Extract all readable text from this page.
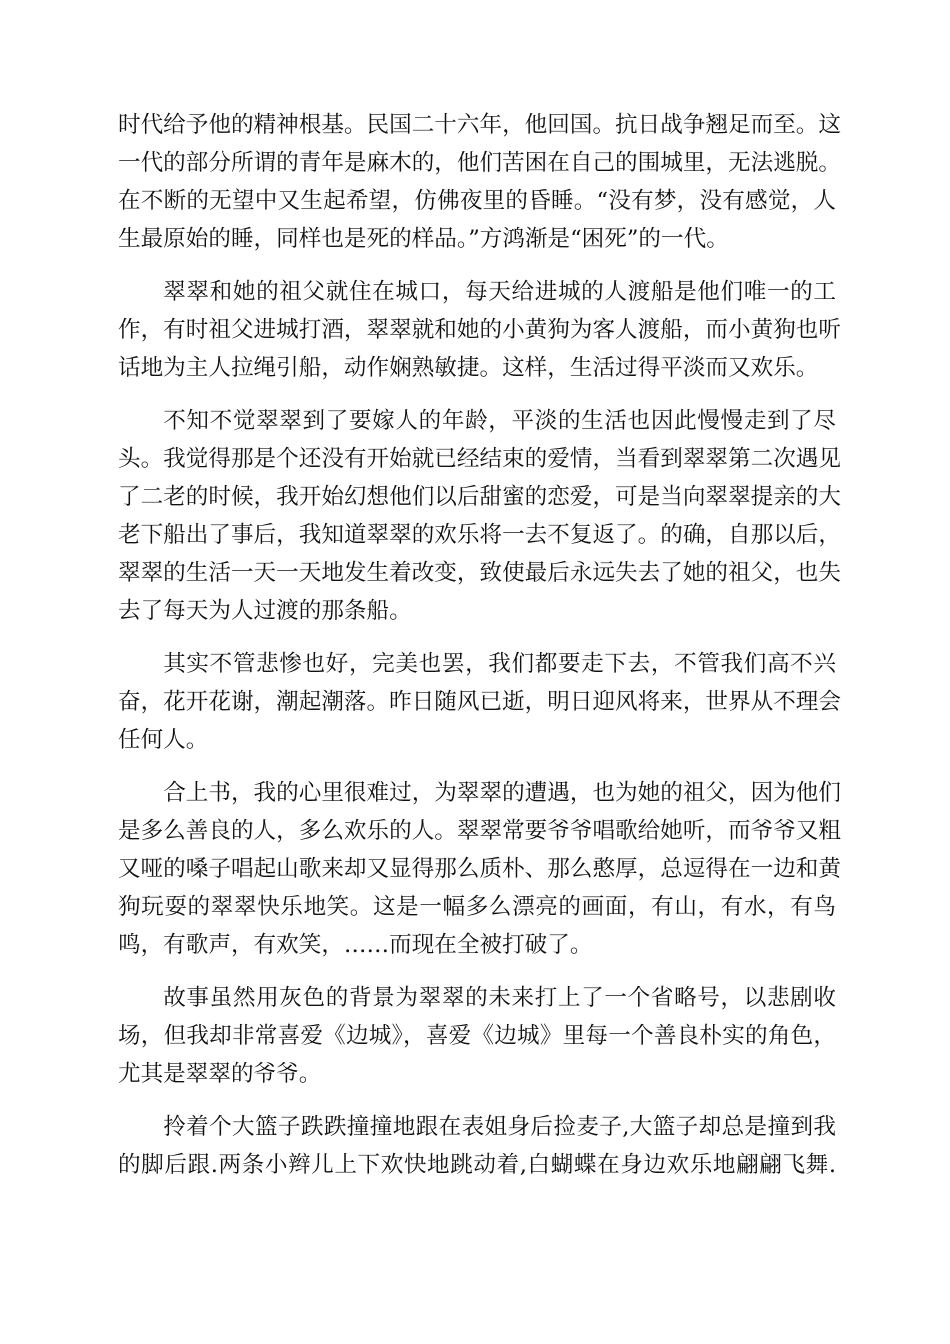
时代给予他的精神根基。民国二十六年，他回国。抗日战争翘足而至。这
一代的部分所谓的青年是麻木的，他们苦困在自己的围城里，无法逃脱。
在不断的无望中又生起希望，仿佛夜里的昏睡。“没有梦，没有感觉，人
生最原始的睡，同样也是死的样品。”方鸿渐是“困死”的一代。

翠翠和她的祖父就住在城口，每天给进城的人渡船是他们唯一的工
作，有时祖父进城打酒，翠翠就和她的小黄狗为客人渡船，而小黄狗也听
话地为主人拉绳引船，动作娴熟敏捷。这样，生活过得平淡而又欢乐。

不知不觉翠翠到了要嫁人的年龄，平淡的生活也因此慢慢走到了尽
头。我觉得那是个还没有开始就已经结束的爱情，当看到翠翠第二次遇见
了二老的时候，我开始幻想他们以后甜蜜的恋爱，可是当向翠翠提亲的大
老下船出了事后，我知道翠翠的欢乐将一去不复返了。的确，自那以后，
翠翠的生活一天一天地发生着改变，致使最后永远失去了她的祖父，也失
去了每天为人过渡的那条船。

其实不管悲惨也好，完美也罢，我们都要走下去，不管我们高不兴
奋，花开花谢，潮起潮落。昨日随风已逝，明日迎风将来，世界从不理会
任何人。

合上书，我的心里很难过，为翠翠的遭遇，也为她的祖父，因为他们
是多么善良的人，多么欢乐的人。翠翠常要爷爷唱歌给她听，而爷爷又粗
又哑的嗓子唱起山歌来却又显得那么质朴、那么憨厚，总逗得在一边和黄
狗玩耍的翠翠快乐地笑。这是一幅多么漂亮的画面，有山，有水，有鸟
鸣，有歌声，有欢笑，……而现在全被打破了。

故事虽然用灰色的背景为翠翠的未来打上了一个省略号，以悲剧收
场，但我却非常喜爱《边城》，喜爱《边城》里每一个善良朴实的角色，
尤其是翠翠的爷爷。

拎着个大篮子跌跌撞撞地跟在表姐身后捡麦子,大篮子却总是撞到我
的脚后跟.两条小辫儿上下欢快地跳动着,白蝴蝶在身边欢乐地翩翩飞舞.
